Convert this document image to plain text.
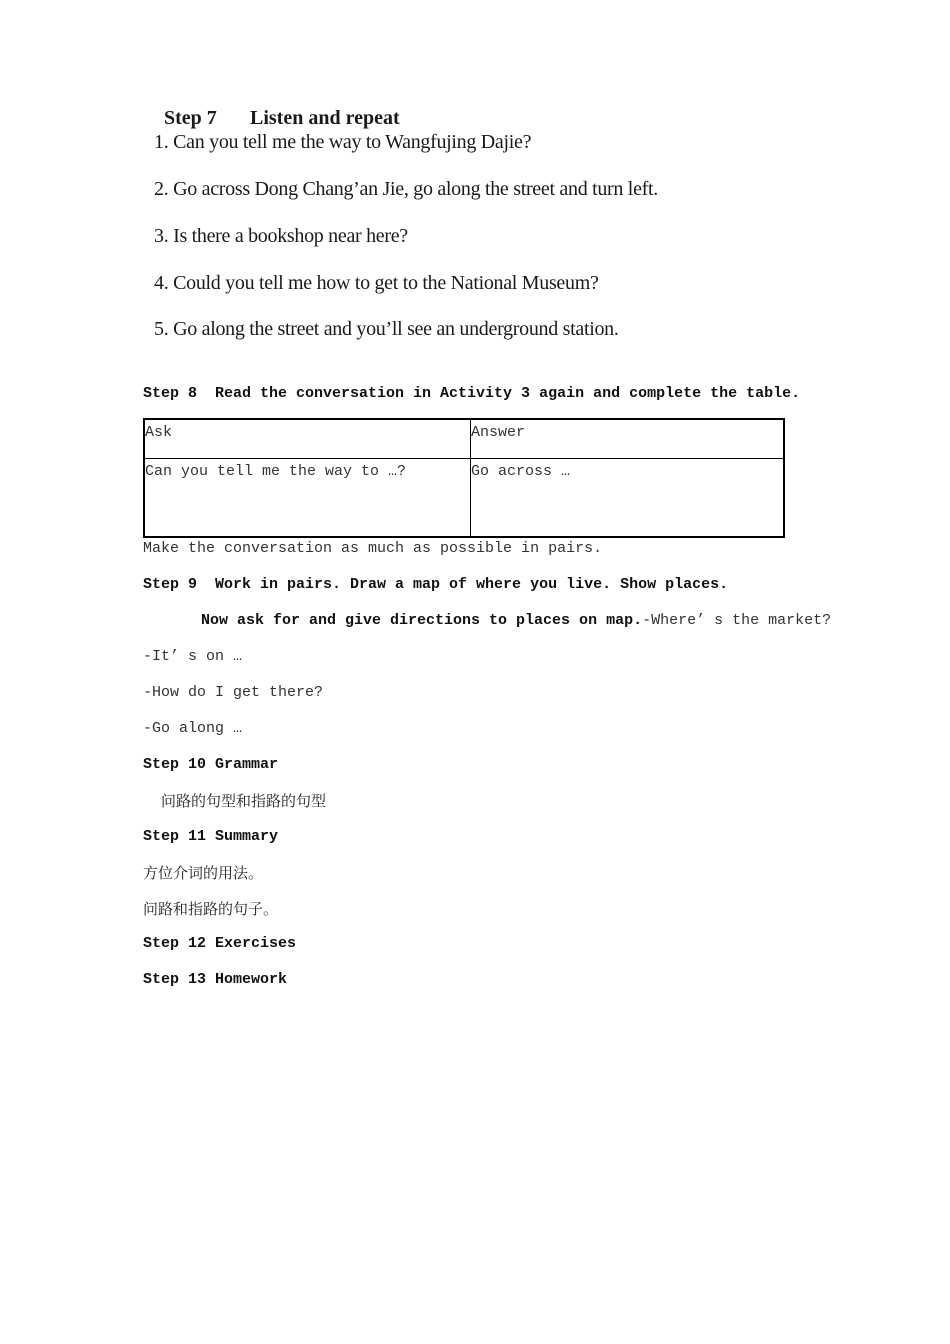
Step 7 Listen and repeat

1. Can you tell me the way to Wangfujing Dajie?
2. Go across Dong Chang’an Jie, go along the street and turn left.
3. Is there a bookshop near here?
4. Could you tell me how to get to the National Museum?
5. Go along the street and you’ll see an underground station.
Step 8  Read the conversation in Activity 3 again and complete the table.
Ask	Answer
Can you tell me the way to …?	Go across …
Make the conversation as much as possible in pairs.
Step 9  Work in pairs. Draw a map of where you live. Show places.
Now ask for and give directions to places on map.-Where’ s the market?
-It’ s on …
-How do I get there?
-Go along …
Step 10 Grammar
问路的句型和指路的句型
Step 11 Summary
方位介词的用法。
问路和指路的句子。
Step 12 Exercises
Step 13 Homework
